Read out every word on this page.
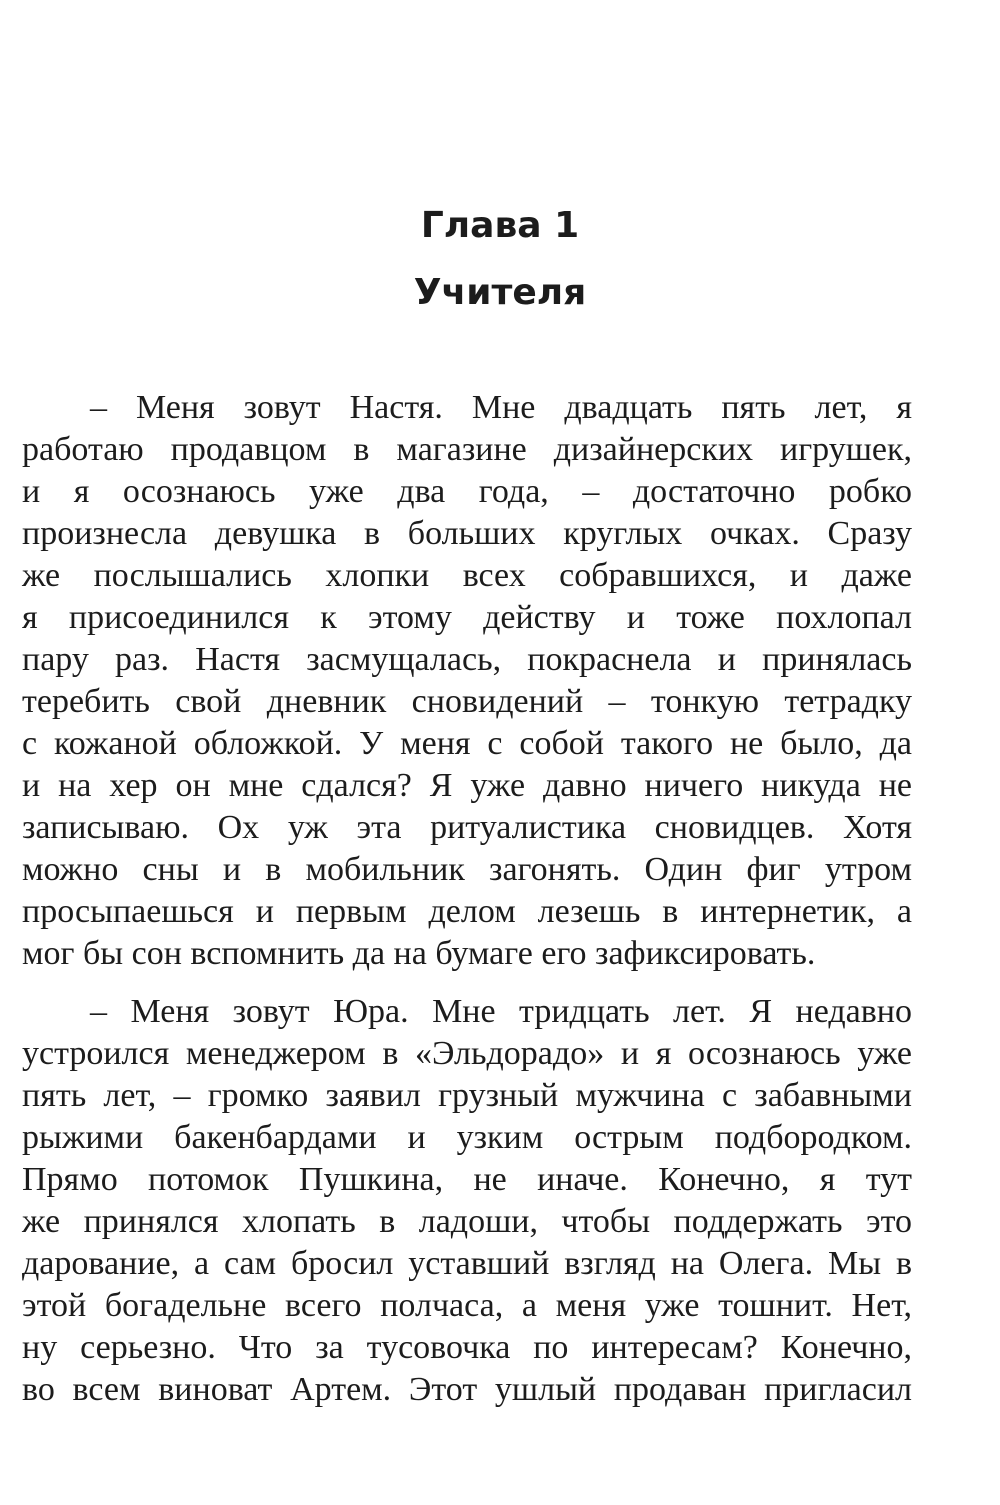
Глава 1
Учителя
– Меня зовут Настя. Мне двадцать пять лет, я
работаю продавцом в магазине дизайнерских игрушек,
и я осознаюсь уже два года, – достаточно робко
произнесла девушка в больших круглых очках. Сразу
же послышались хлопки всех собравшихся, и даже
я присоединился к этому действу и тоже похлопал
пару раз. Настя засмущалась, покраснела и принялась
теребить свой дневник сновидений – тонкую тетрадку
с кожаной обложкой. У меня с собой такого не было, да
и на хер он мне сдался? Я уже давно ничего никуда не
записываю. Ох уж эта ритуалистика сновидцев. Хотя
можно сны и в мобильник загонять. Один фиг утром
просыпаешься и первым делом лезешь в интернетик, а
мог бы сон вспомнить да на бумаге его зафиксировать.
– Меня зовут Юра. Мне тридцать лет. Я недавно
устроился менеджером в «Эльдорадо» и я осознаюсь уже
пять лет, – громко заявил грузный мужчина с забавными
рыжими бакенбардами и узким острым подбородком.
Прямо потомок Пушкина, не иначе. Конечно, я тут
же принялся хлопать в ладоши, чтобы поддержать это
дарование, а сам бросил уставший взгляд на Олега. Мы в
этой богадельне всего полчаса, а меня уже тошнит. Нет,
ну серьезно. Что за тусовочка по интересам? Конечно,
во всем виноват Артем. Этот ушлый продаван пригласил
